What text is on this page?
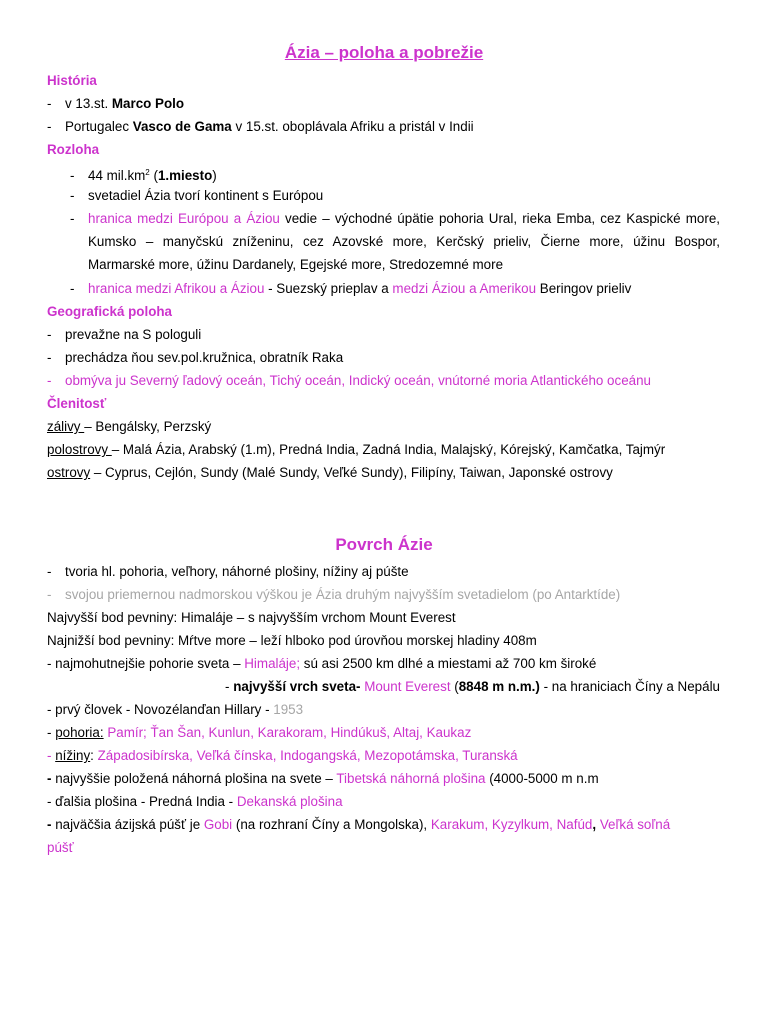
Ázia – poloha a pobrežie
História
- v 13.st. Marco Polo
- Portugalec Vasco de Gama v 15.st. oboplávala Afriku a pristál v Indii
Rozloha
- 44 $mil.km^2$ (1.miesto)
- svetadiel Ázia tvorí kontinent s Európou
- hranica medzi Európou a Áziou vedie – východné úpätie pohoria Ural, rieka Emba, cez Kaspické more, Kumsko – manyčskú zníženinu, cez Azovské more, Kerčský prieliv, Čierne more, úžinu Bospor, Marmarské more, úžinu Dardanely, Egejské more, Stredozemné more
- hranica medzi Afrikou a Áziou - Suezský prieplav a medzi Áziou a Amerikou Beringov prieliv
Geografická poloha
- prevažne na S pologuli
- prechádza ňou sev.pol.kružnica, obratník Raka
- obmýva ju Severný ľadový oceán, Tichý oceán, Indický oceán, vnútorné moria Atlantického oceánu
Členitosť
zálivy – Bengálsky, Perzský
polostrovy – Malá Ázia, Arabský (1.m), Predná India, Zadná India, Malajský, Kórejský, Kamčatka, Tajmýr
ostrovy – Cyprus, Cejlón, Sundy (Malé Sundy, Veľké Sundy), Filipíny, Taiwan, Japonské ostrovy
Povrch Ázie
- tvoria hl. pohoria, veľhory, náhorné plošiny, nížiny aj púšte
- svojou priemernou nadmorskou výškou je Ázia druhým najvyšším svetadielom (po Antarktíde)
Najvyšší bod pevniny: Himaláje – s najvyšším vrchom Mount Everest
Najnižší bod pevniny: Mŕtve more – leží hlboko pod úrovňou morskej hladiny 408m
- najmohutnejšie pohorie sveta – Himaláje; sú asi 2500 km dlhé a miestami až 700 km široké
- najvyšší vrch sveta- Mount Everest (8848 m n.m.) - na hraniciach Číny a Nepálu
- prvý človek - Novozélanďan Hillary - 1953
- pohoria: Pamír; Ťan Šan, Kunlun, Karakoram, Hindúkuš, Altaj, Kaukaz
- nížiny: Západosibírska, Veľká čínska, Indogangská, Mezopotámska, Turanská
- najvyššie položená náhorná plošina na svete – Tibetská náhorná plošina (4000-5000 m n.m
- ďalšia plošina - Predná India - Dekanská plošina
- najväčšia ázijská púšť je Gobi (na rozhraní Číny a Mongolska), Karakum, Kyzylkum, Nafúd, Veľká soľná
púšť
